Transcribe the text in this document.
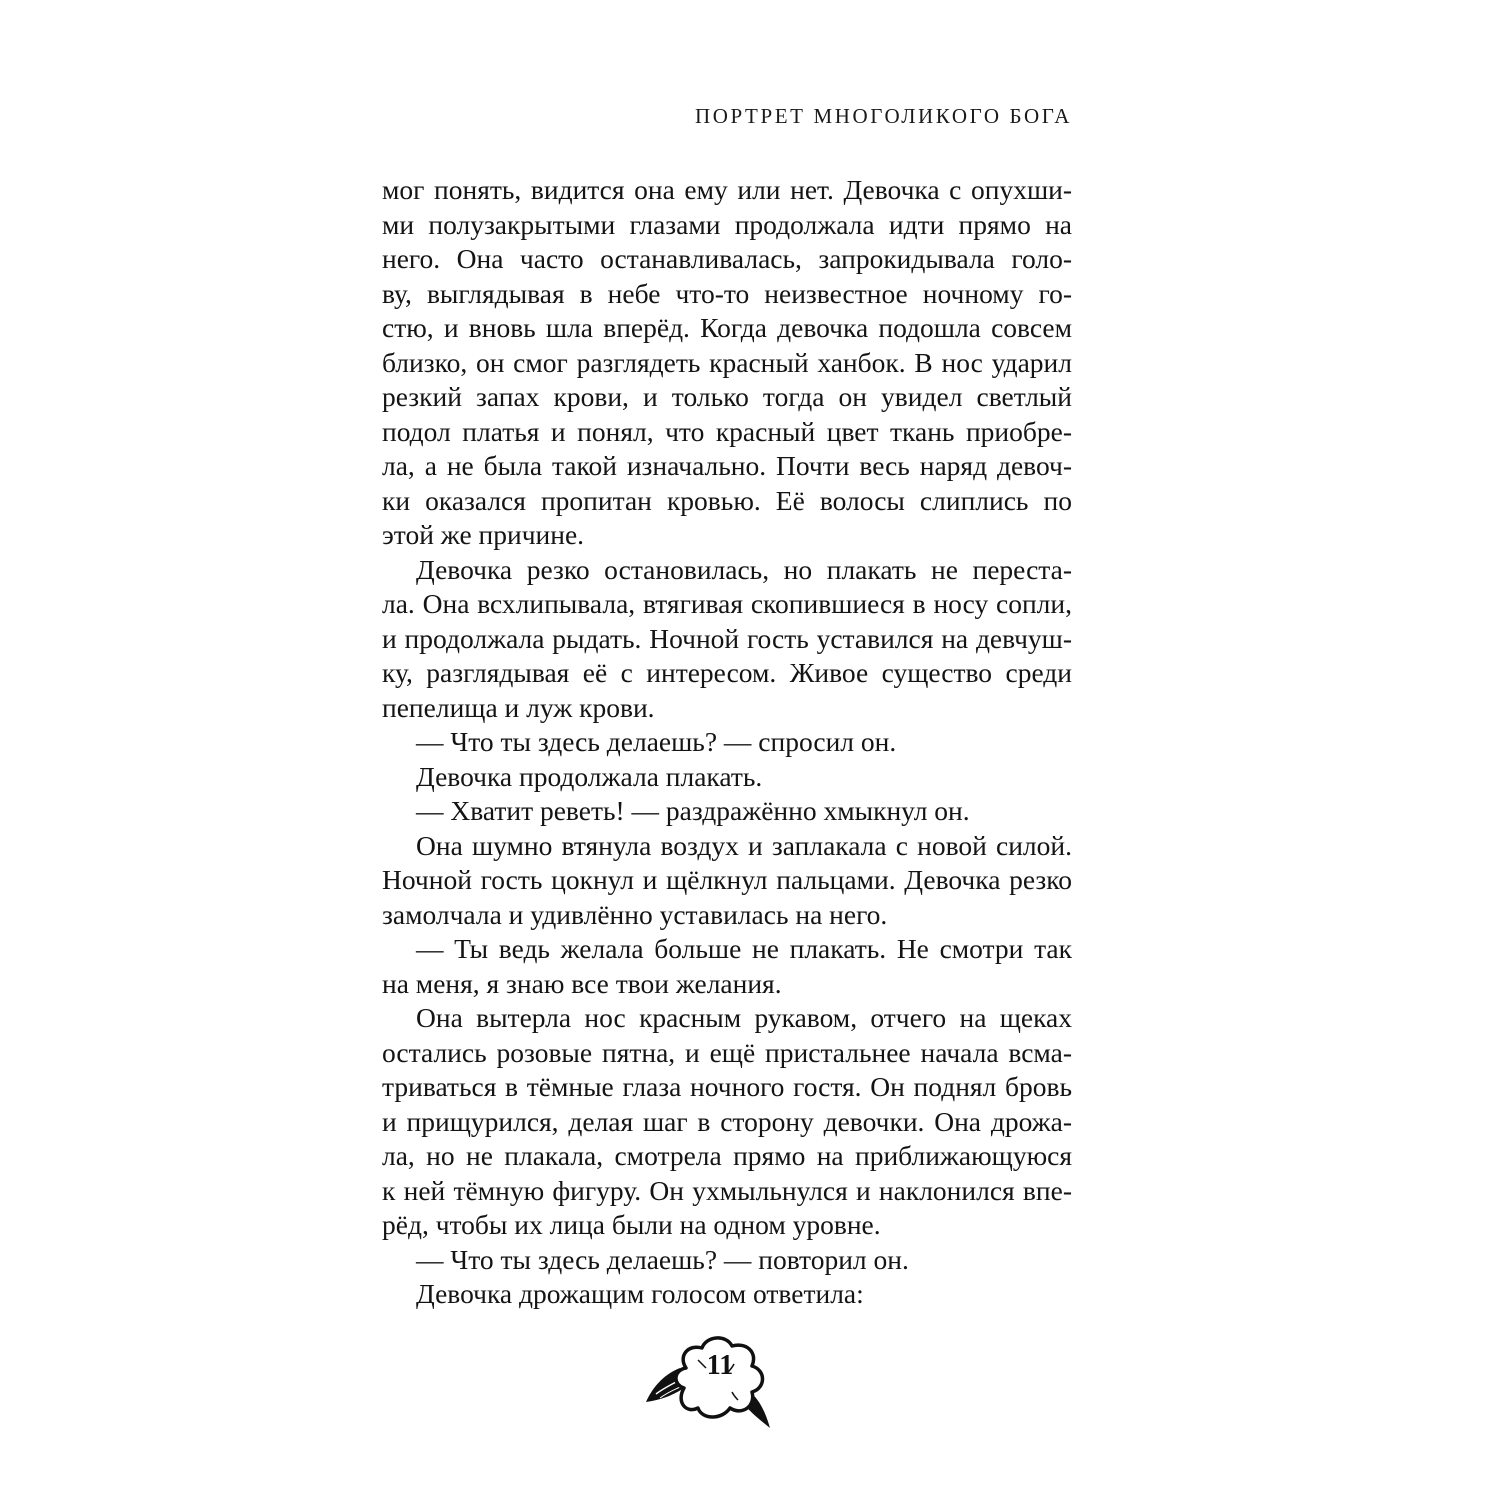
ПОРТРЕТ МНОГОЛИКОГО БОГА
мог понять, видится она ему или нет. Девочка с опухши-
ми полузакрытыми глазами продолжала идти прямо на
него. Она часто останавливалась, запрокидывала голо-
ву, выглядывая в небе что-то неизвестное ночному го-
стю, и вновь шла вперёд. Когда девочка подошла совсем
близко, он смог разглядеть красный ханбок. В нос ударил
резкий запах крови, и только тогда он увидел светлый
подол платья и понял, что красный цвет ткань приобре-
ла, а не была такой изначально. Почти весь наряд девоч-
ки оказался пропитан кровью. Её волосы слиплись по
этой же причине.
Девочка резко остановилась, но плакать не переста-
ла. Она всхлипывала, втягивая скопившиеся в носу сопли,
и продолжала рыдать. Ночной гость уставился на девчуш-
ку, разглядывая её с интересом. Живое существо среди
пепелища и луж крови.
— Что ты здесь делаешь? — спросил он.
Девочка продолжала плакать.
— Хватит реветь! — раздражённо хмыкнул он.
Она шумно втянула воздух и заплакала с новой силой.
Ночной гость цокнул и щёлкнул пальцами. Девочка резко
замолчала и удивлённо уставилась на него.
— Ты ведь желала больше не плакать. Не смотри так
на меня, я знаю все твои желания.
Она вытерла нос красным рукавом, отчего на щеках
остались розовые пятна, и ещё пристальнее начала всма-
триваться в тёмные глаза ночного гостя. Он поднял бровь
и прищурился, делая шаг в сторону девочки. Она дрожа-
ла, но не плакала, смотрела прямо на приближающуюся
к ней тёмную фигуру. Он ухмыльнулся и наклонился впе-
рёд, чтобы их лица были на одном уровне.
— Что ты здесь делаешь? — повторил он.
Девочка дрожащим голосом ответила:
11
